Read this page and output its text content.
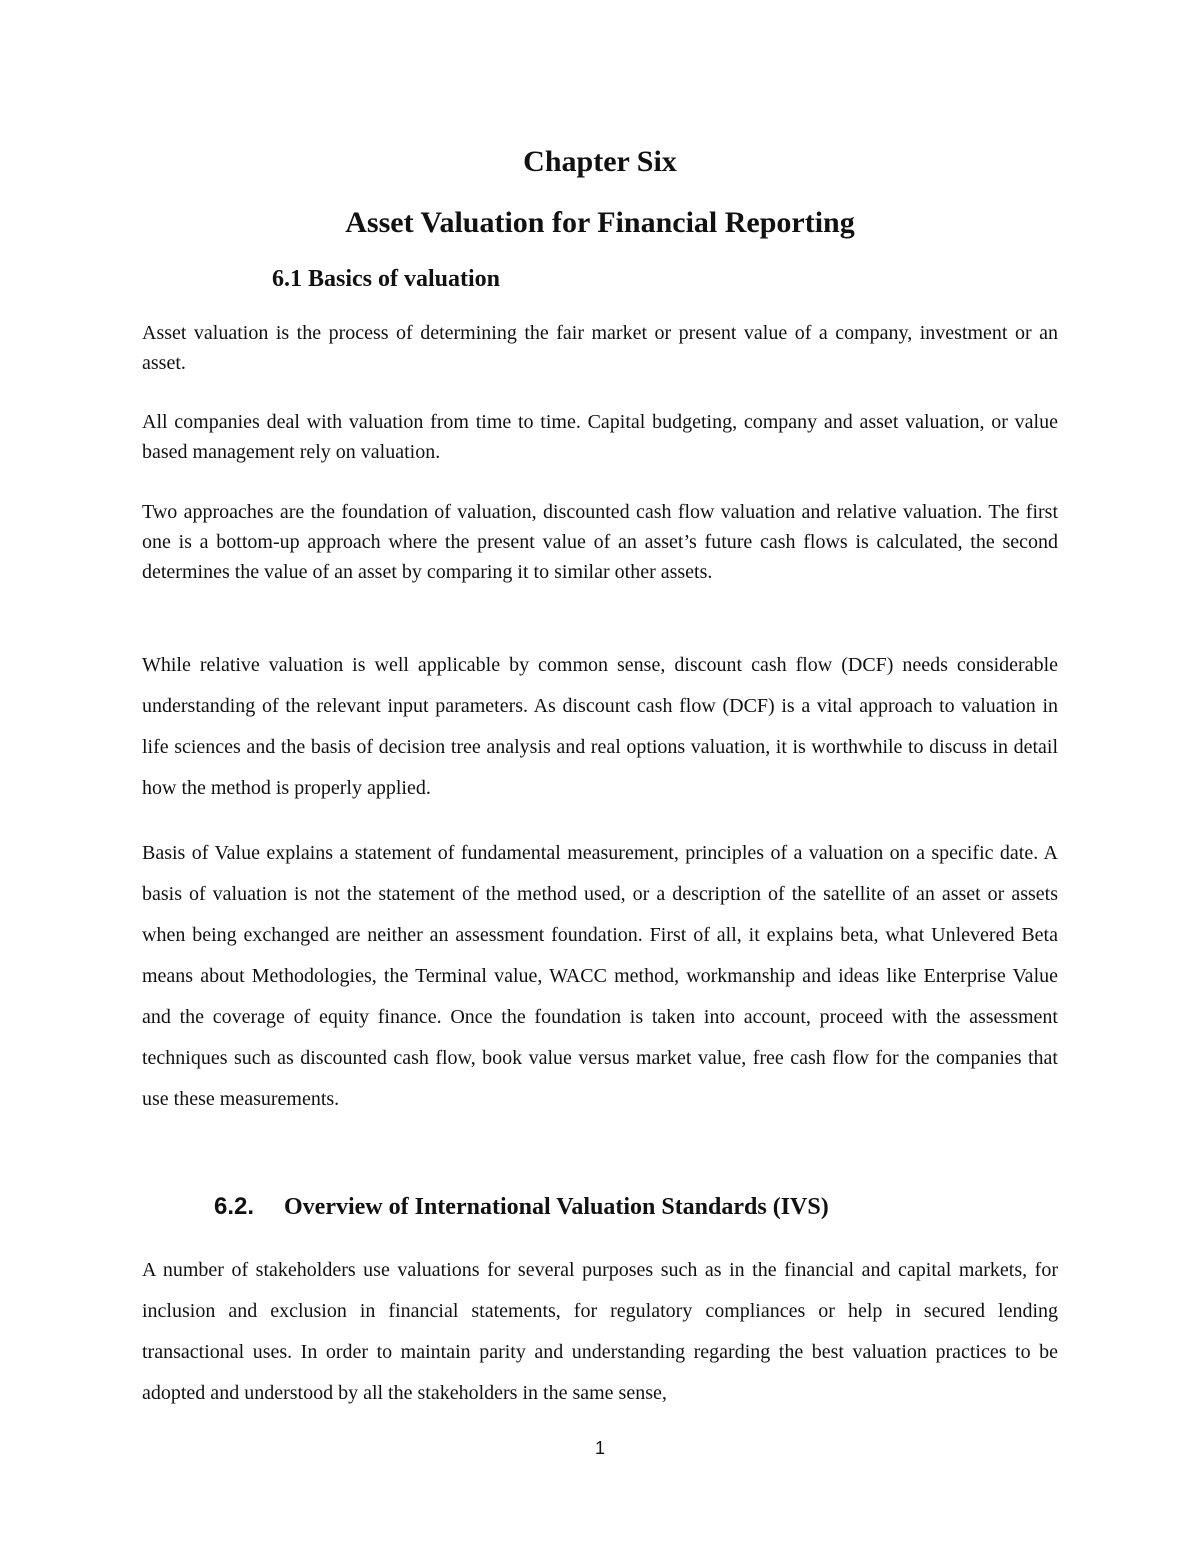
Chapter Six
Asset Valuation for Financial Reporting
6.1 Basics of valuation

Asset valuation is the process of determining the fair market or present value of a company, investment or an asset.

All companies deal with valuation from time to time. Capital budgeting, company and asset valuation, or value based management rely on valuation.

Two approaches are the foundation of valuation, discounted cash flow valuation and relative valuation. The first one is a bottom-up approach where the present value of an asset’s future cash flows is calculated, the second determines the value of an asset by comparing it to similar other assets.

While relative valuation is well applicable by common sense, discount cash flow (DCF) needs considerable understanding of the relevant input parameters. As discount cash flow (DCF) is a vital approach to valuation in life sciences and the basis of decision tree analysis and real options valuation, it is worthwhile to discuss in detail how the method is properly applied.

Basis of Value explains a statement of fundamental measurement, principles of a valuation on a specific date. A basis of valuation is not the statement of the method used, or a description of the satellite of an asset or assets when being exchanged are neither an assessment foundation. First of all, it explains beta, what Unlevered Beta means about Methodologies, the Terminal value, WACC method, workmanship and ideas like Enterprise Value and the coverage of equity finance. Once the foundation is taken into account, proceed with the assessment techniques such as discounted cash flow, book value versus market value, free cash flow for the companies that use these measurements.

6.2. Overview of International Valuation Standards (IVS)

A number of stakeholders use valuations for several purposes such as in the financial and capital markets, for inclusion and exclusion in financial statements, for regulatory compliances or help in secured lending transactional uses. In order to maintain parity and understanding regarding the best valuation practices to be adopted and understood by all the stakeholders in the same sense,

1
